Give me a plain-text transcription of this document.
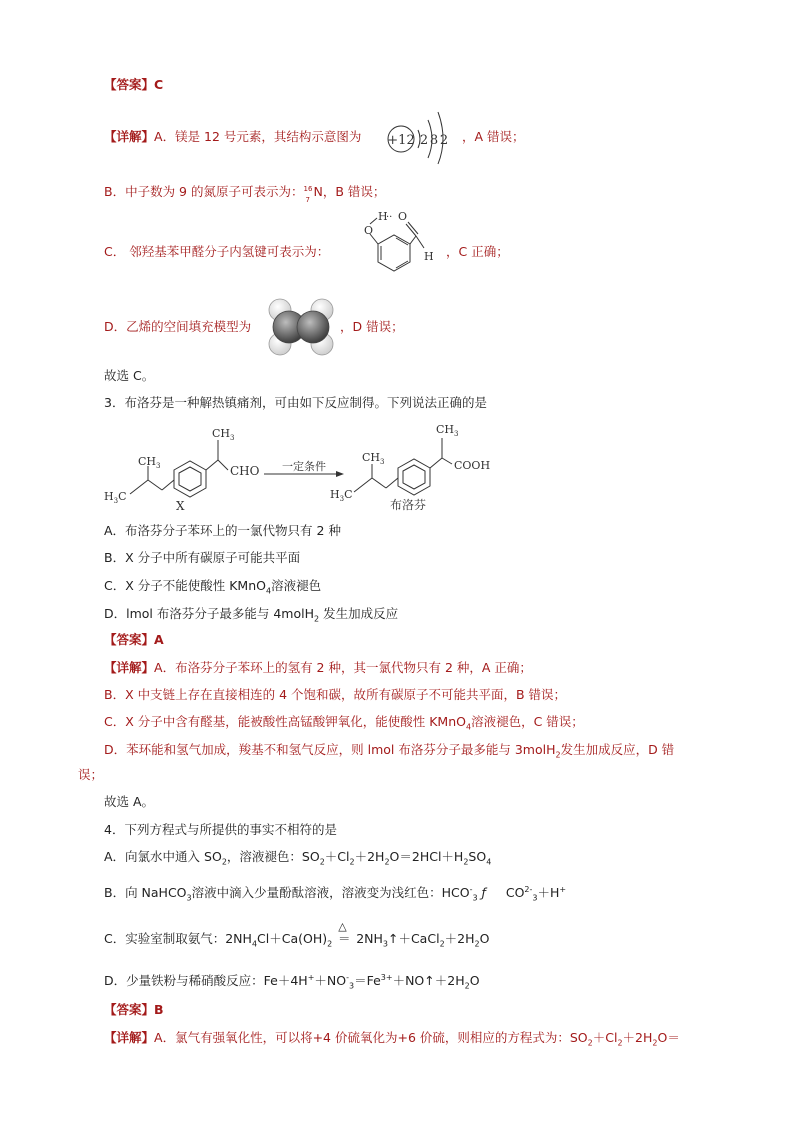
【答案】C
【详解】A．镁是 12 号元素，其结构示意图为 +12 2 8 2 ，A 错误；
B．中子数为 9 的氮原子可表示为： 16
7
N，B 错误；
C． 邻羟基苯甲醛分子内氢键可表示为：
O
H
·· O
H ，C 正确；
D．乙烯的空间填充模型为	，D 错误；
故选 C。
3．布洛芬是一种解热镇痛剂，可由如下反应制得。下列说法正确的是
$CH_3$
$H_3C$
$CH_3$
CHO
X
一定条件
$CH_3$
$H_3C$
$CH_3$
COOH
布洛芬
A．布洛芬分子苯环上的一氯代物只有 2 种
B．X 分子中所有碳原子可能共平面
C．X 分子不能使酸性 KMnO$_4$溶液褪色
D．lmol 布洛芬分子最多能与 4molH$_2$ 发生加成反应
【答案】A
【详解】A．布洛芬分子苯环上的氢有 2 种，其一氯代物只有 2 种，A 正确；
B．X 中支链上存在直接相连的 4 个饱和碳，故所有碳原子不可能共平面，B 错误；
C．X 分子中含有醛基，能被酸性高锰酸钾氧化，能使酸性 KMnO$_4$溶液褪色，C 错误；
D．苯环能和氢气加成，羧基不和氢气反应，则 lmol 布洛芬分子最多能与 3molH$_2$发生加成反应，D 错
误；
故选 A。
4．下列方程式与所提供的事实不相符的是
A．向氯水中通入 $SO_2$，溶液褪色：$SO_2+Cl_2+2H_2O=2HCl+H_2SO_4$
B．向 NaHCO$_3$溶液中滴入少量酚酞溶液，溶液变为浅红色：$HCO^-_3$ ƒ     $CO^{2-}_3+H^+$
C．实验室制取氨气：$2NH_4Cl+Ca(OH)_2$
△
＝ $2NH_3↑+CaCl_2+2H_2O$
D．少量铁粉与稀硝酸反应：$Fe+4H^++NO^-_3=Fe^{3+}+NO↑+2H_2O$
【答案】B
【详解】A．氯气有强氧化性，可以将+4 价硫氧化为+6 价硫，则相应的方程式为：$SO_2+Cl_2+2H_2O=$
